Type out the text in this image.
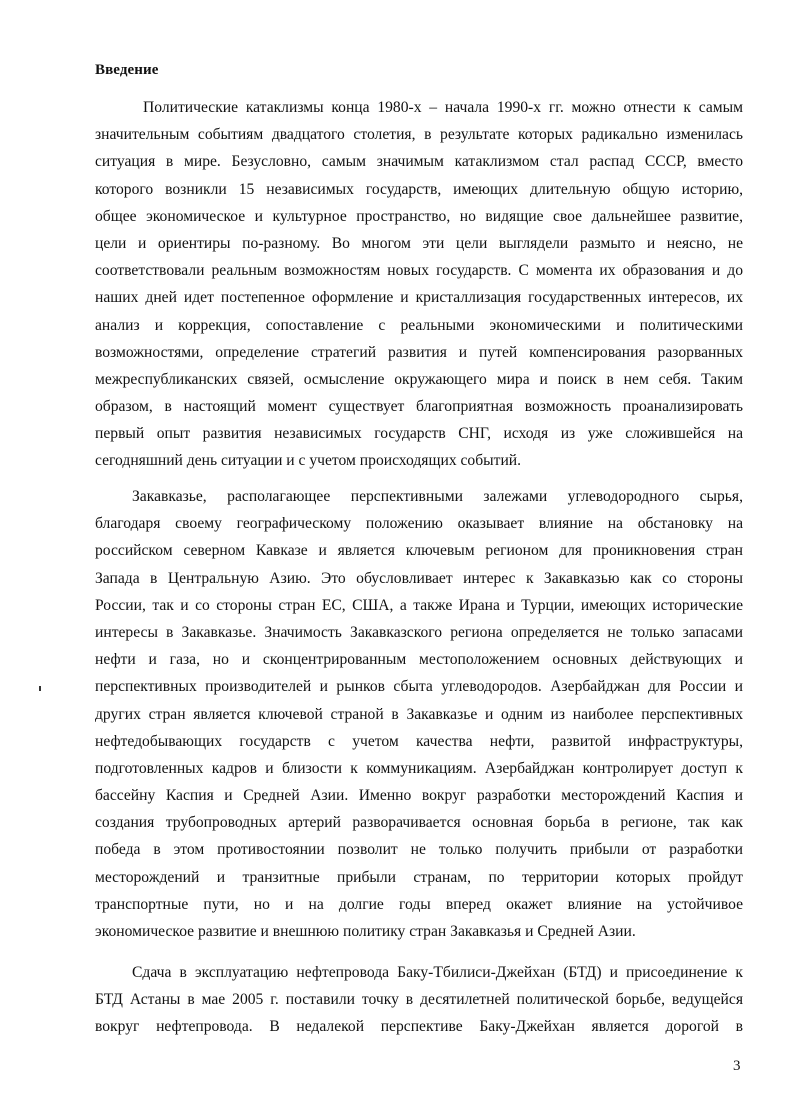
Введение
Политические катаклизмы конца 1980-х – начала 1990-х гг. можно отнести к самым
значительным событиям двадцатого столетия, в результате которых радикально изменилась
ситуация в мире. Безусловно, самым значимым катаклизмом стал распад СССР, вместо
которого возникли 15 независимых государств, имеющих длительную общую историю,
общее экономическое и культурное пространство, но видящие свое дальнейшее развитие,
цели и ориентиры по-разному. Во многом эти цели выглядели размыто и неясно, не
соответствовали реальным возможностям новых государств. С момента их образования и до
наших дней идет постепенное оформление и кристаллизация государственных интересов, их
анализ и коррекция, сопоставление с реальными экономическими и политическими
возможностями, определение стратегий развития и путей компенсирования разорванных
межреспубликанских связей, осмысление окружающего мира и поиск в нем себя. Таким
образом, в настоящий момент существует благоприятная возможность проанализировать
первый опыт развития независимых государств СНГ, исходя из уже сложившейся на
сегодняшний день ситуации и с учетом происходящих событий.
Закавказье, располагающее перспективными залежами углеводородного сырья,
благодаря своему географическому положению оказывает влияние на обстановку на
российском северном Кавказе и является ключевым регионом для проникновения стран
Запада в Центральную Азию. Это обусловливает интерес к Закавказью как со стороны
России, так и со стороны стран ЕС, США, а также Ирана и Турции, имеющих исторические
интересы в Закавказье. Значимость Закавказского региона определяется не только запасами
нефти и газа, но и сконцентрированным местоположением основных действующих и
перспективных производителей и рынков сбыта углеводородов. Азербайджан для России и
других стран является ключевой страной в Закавказье и одним из наиболее перспективных
нефтедобывающих государств с учетом качества нефти, развитой инфраструктуры,
подготовленных кадров и близости к коммуникациям. Азербайджан контролирует доступ к
бассейну Каспия и Средней Азии. Именно вокруг разработки месторождений Каспия и
создания трубопроводных артерий разворачивается основная борьба в регионе, так как
победа в этом противостоянии позволит не только получить прибыли от разработки
месторождений и транзитные прибыли странам, по территории которых пройдут
транспортные пути, но и на долгие годы вперед окажет влияние на устойчивое
экономическое развитие и внешнюю политику стран Закавказья и Средней Азии.
Сдача в эксплуатацию нефтепровода Баку-Тбилиси-Джейхан (БТД) и присоединение к
БТД Астаны в мае 2005 г. поставили точку в десятилетней политической борьбе, ведущейся
вокруг нефтепровода. В недалекой перспективе Баку-Джейхан является дорогой в
3
